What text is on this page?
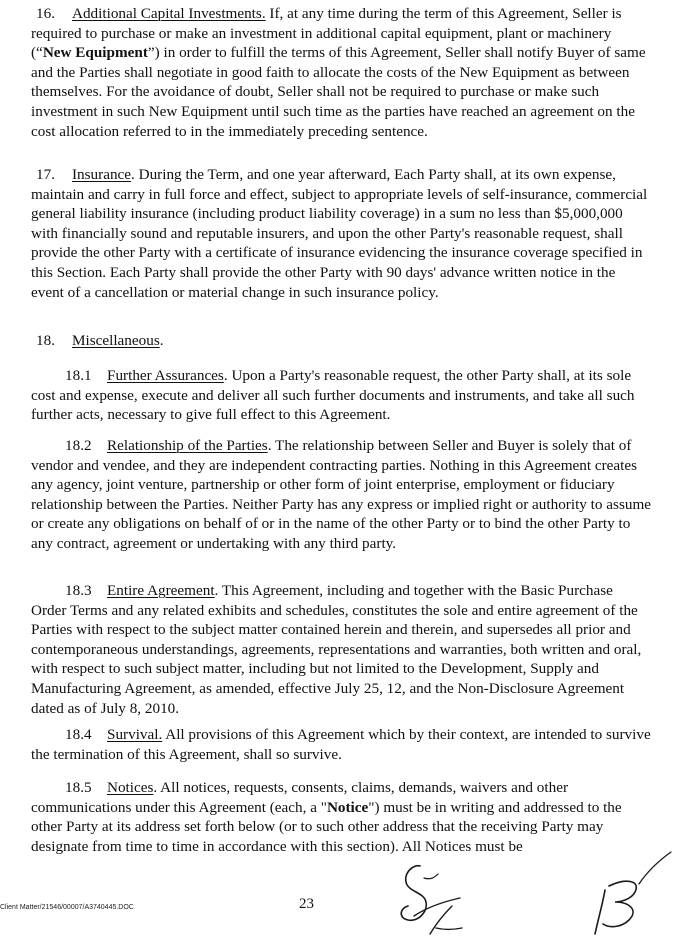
16. Additional Capital Investments. If, at any time during the term of this Agreement, Seller is required to purchase or make an investment in additional capital equipment, plant or machinery (“New Equipment”) in order to fulfill the terms of this Agreement, Seller shall notify Buyer of same and the Parties shall negotiate in good faith to allocate the costs of the New Equipment as between themselves. For the avoidance of doubt, Seller shall not be required to purchase or make such investment in such New Equipment until such time as the parties have reached an agreement on the cost allocation referred to in the immediately preceding sentence.

17. Insurance. During the Term, and one year afterward, Each Party shall, at its own expense, maintain and carry in full force and effect, subject to appropriate levels of self-insurance, commercial general liability insurance (including product liability coverage) in a sum no less than $5,000,000 with financially sound and reputable insurers, and upon the other Party's reasonable request, shall provide the other Party with a certificate of insurance evidencing the insurance coverage specified in this Section. Each Party shall provide the other Party with 90 days' advance written notice in the event of a cancellation or material change in such insurance policy.

18. Miscellaneous.

18.1 Further Assurances. Upon a Party's reasonable request, the other Party shall, at its sole cost and expense, execute and deliver all such further documents and instruments, and take all such further acts, necessary to give full effect to this Agreement.

18.2 Relationship of the Parties. The relationship between Seller and Buyer is solely that of vendor and vendee, and they are independent contracting parties. Nothing in this Agreement creates any agency, joint venture, partnership or other form of joint enterprise, employment or fiduciary relationship between the Parties. Neither Party has any express or implied right or authority to assume or create any obligations on behalf of or in the name of the other Party or to bind the other Party to any contract, agreement or undertaking with any third party.

18.3 Entire Agreement. This Agreement, including and together with the Basic Purchase Order Terms and any related exhibits and schedules, constitutes the sole and entire agreement of the Parties with respect to the subject matter contained herein and therein, and supersedes all prior and contemporaneous understandings, agreements, representations and warranties, both written and oral, with respect to such subject matter, including but not limited to the Development, Supply and Manufacturing Agreement, as amended, effective July 25, 12, and the Non-Disclosure Agreement dated as of July 8, 2010.

18.4 Survival. All provisions of this Agreement which by their context, are intended to survive the termination of this Agreement, shall so survive.

18.5 Notices. All notices, requests, consents, claims, demands, waivers and other communications under this Agreement (each, a "Notice") must be in writing and addressed to the other Party at its address set forth below (or to such other address that the receiving Party may designate from time to time in accordance with this section). All Notices must be

Client Matter/21546/00007/A3740445.DOC	23
